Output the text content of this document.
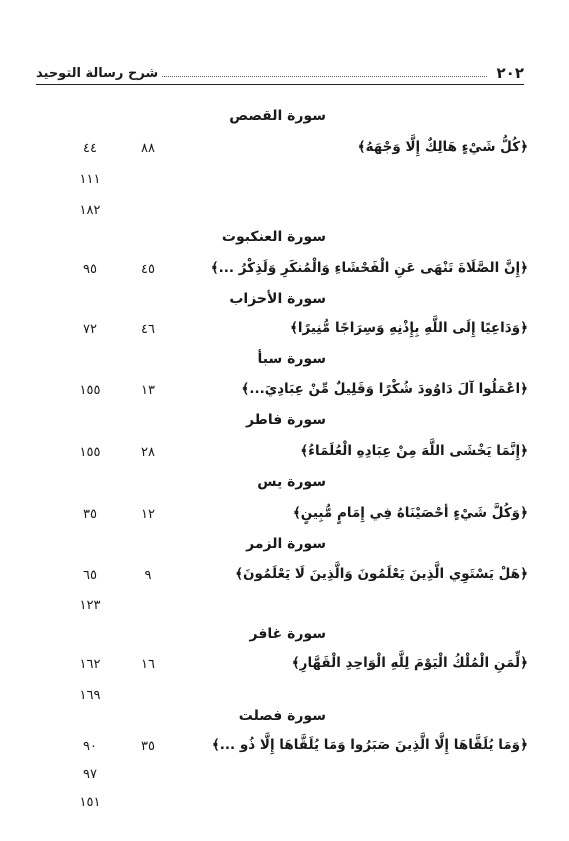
٢٠٢
شرح رسالة التوحيد
سورة القصص
﴿كُلُّ شَيْءٍ هَالِكٌ إِلَّا وَجْهَهُ﴾
٨٨
٤٤
١١١
١٨٢
سورة العنكبوت
﴿إِنَّ الصَّلَاةَ تَنْهَى عَنِ الْفَحْشَاءِ وَالْمُنكَرِ وَلَذِكْرُ ...﴾
٤٥
٩٥
سورة الأحزاب
﴿وَدَاعِيًا إِلَى اللَّهِ بِإِذْنِهِ وَسِرَاجًا مُّنِيرًا﴾
٤٦
٧٢
سورة سبأ
﴿اعْمَلُوا آلَ دَاوُودَ شُكْرًا وَقَلِيلٌ مِّنْ عِبَادِيَ...﴾
١٣
١٥٥
سورة فاطر
﴿إِنَّمَا يَخْشَى اللَّهَ مِنْ عِبَادِهِ الْعُلَمَاءُ﴾
٢٨
١٥٥
سورة يس
﴿وَكُلَّ شَيْءٍ أحْصَيْنَاهُ فِي إِمَامٍ مُّبِينٍ﴾
١٢
٣٥
سورة الزمر
﴿هَلْ يَسْتَوِي الَّذِينَ يَعْلَمُونَ وَالَّذِينَ لَا يَعْلَمُونَ﴾
٩
٦٥
١٢٣
سورة غافر
﴿لِّمَنِ الْمُلْكُ الْيَوْمَ لِلَّهِ الْوَاحِدِ الْقَهَّارِ﴾
١٦
١٦٢
١٦٩
سورة فصلت
﴿وَمَا يُلَقَّاهَا إِلَّا الَّذِينَ صَبَرُوا وَمَا يُلَقَّاهَا إِلَّا ذُو ...﴾
٣٥
٩٠
٩٧
١٥١
